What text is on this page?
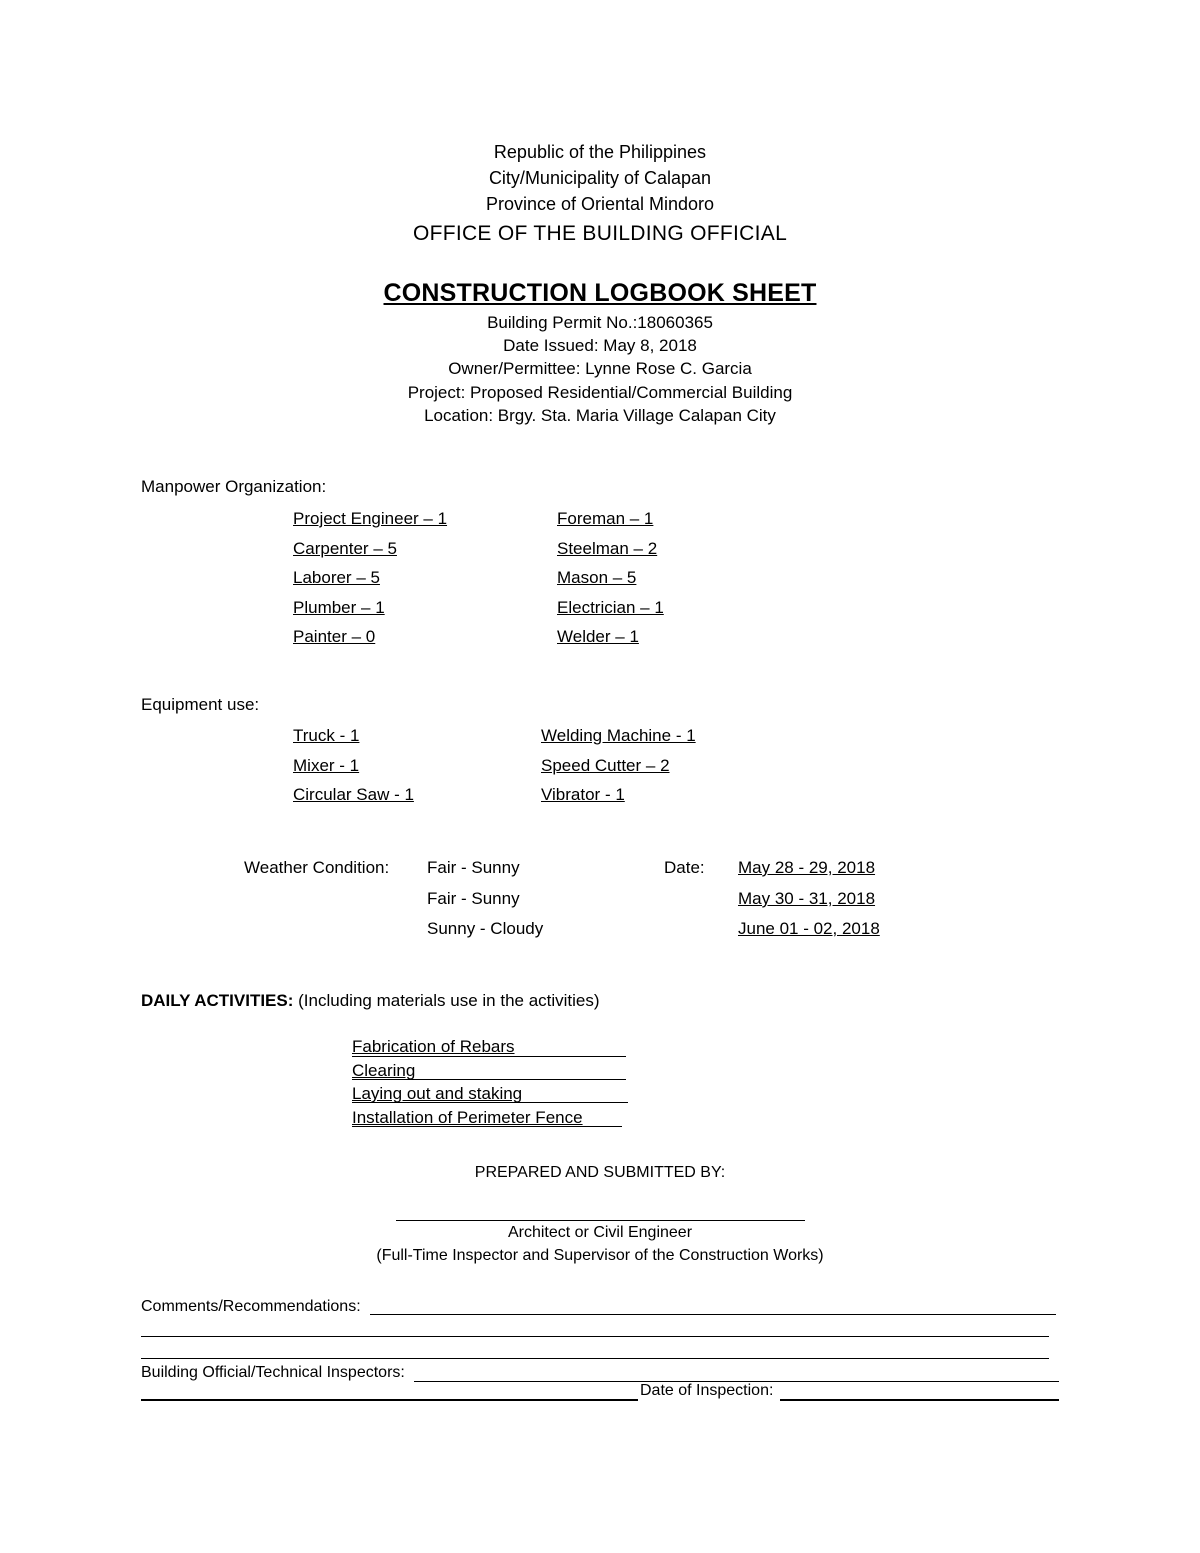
Republic of the Philippines
City/Municipality of Calapan
Province of Oriental Mindoro
OFFICE OF THE BUILDING OFFICIAL
CONSTRUCTION LOGBOOK SHEET
Building Permit No.:18060365
Date Issued: May 8, 2018
Owner/Permittee: Lynne Rose C. Garcia
Project: Proposed Residential/Commercial Building
Location: Brgy. Sta. Maria Village Calapan City
Manpower Organization:
Project Engineer – 1
Carpenter – 5
Laborer – 5
Plumber – 1
Painter – 0
Foreman – 1
Steelman – 2
Mason – 5
Electrician – 1
Welder – 1
Equipment use:
Truck - 1
Mixer - 1
Circular Saw - 1
Welding Machine - 1
Speed Cutter – 2
Vibrator - 1
Weather Condition:	Date:
Fair - Sunny
Fair - Sunny
Sunny - Cloudy
May 28 - 29, 2018
May 30 - 31, 2018
June 01 - 02, 2018
DAILY ACTIVITIES: (Including materials use in the activities)
Fabrication of Rebars
Clearing
Laying out and staking
Installation of Perimeter Fence
PREPARED AND SUBMITTED BY:
Architect or Civil Engineer
(Full-Time Inspector and Supervisor of the Construction Works)
Comments/Recommendations:
Building Official/Technical Inspectors:
Date of Inspection:
